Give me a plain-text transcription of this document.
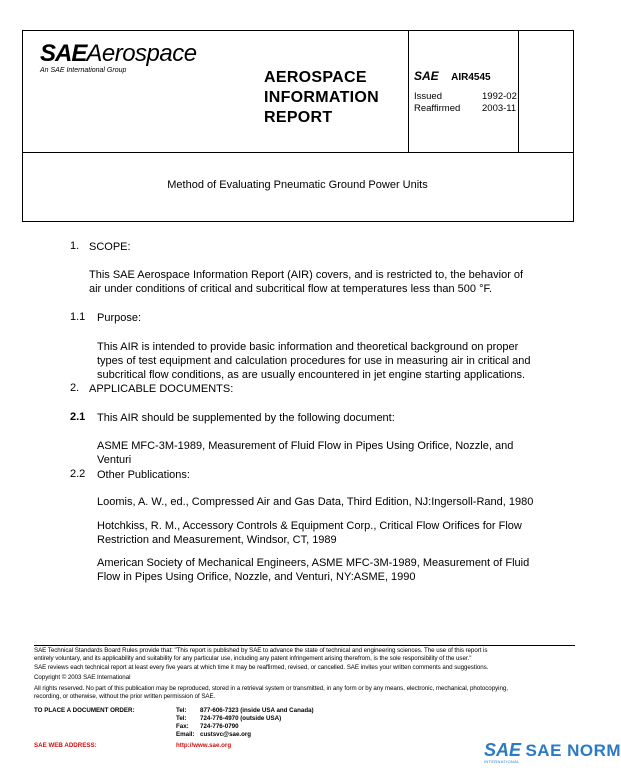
SAEAerospace
An SAE International Group	AEROSPACE
INFORMATION
REPORT
SAE AIR4545
Issued	1992-02
Reaffirmed 2003-11
Method of Evaluating Pneumatic Ground Power Units
1. SCOPE:
This SAE Aerospace Information Report (AIR) covers, and is restricted to, the behavior of
air under conditions of critical and subcritical flow at temperatures less than 500 °F.
1.1 Purpose:
This AIR is intended to provide basic information and theoretical background on proper
types of test equipment and calculation procedures for use in measuring air in critical and
subcritical flow conditions, as are usually encountered in jet engine starting applications.
2. APPLICABLE DOCUMENTS:
2.1 This AIR should be supplemented by the following document:
ASME MFC-3M-1989, Measurement of Fluid Flow in Pipes Using Orifice, Nozzle, and
Venturi
2.2 Other Publications:
Loomis, A. W., ed., Compressed Air and Gas Data, Third Edition, NJ:Ingersoll-Rand, 1980
Hotchkiss, R. M., Accessory Controls & Equipment Corp., Critical Flow Orifices for Flow
Restriction and Measurement, Windsor, CT, 1989
American Society of Mechanical Engineers, ASME MFC-3M-1989, Measurement of Fluid
Flow in Pipes Using Orifice, Nozzle, and Venturi, NY:ASME, 1990
SAE Technical Standards Board Rules provide that: "This report is published by SAE to advance the state of technical and engineering sciences. The use of this report is
entirely voluntary, and its applicability and suitability for any particular use, including any patent infringement arising therefrom, is the sole responsibility of the user."
SAE reviews each technical report at least every five years at which time it may be reaffirmed, revised, or cancelled. SAE invites your written comments and suggestions.
Copyright © 2003 SAE International
All rights reserved. No part of this publication may be reproduced, stored in a retrieval system or transmitted, in any form or by any means, electronic, mechanical, photocopying,
recording, or otherwise, without the prior written permission of SAE.
TO PLACE A DOCUMENT ORDER:	Tel: 877-606-7323 (inside USA and Canada)
Tel: 724-776-4970 (outside USA)
Fax: 724-776-0790
Email: custsvc@sae.org
SAE WEB ADDRESS:	http://www.sae.org	SAE SAE NORM
INTERNATIONAL
